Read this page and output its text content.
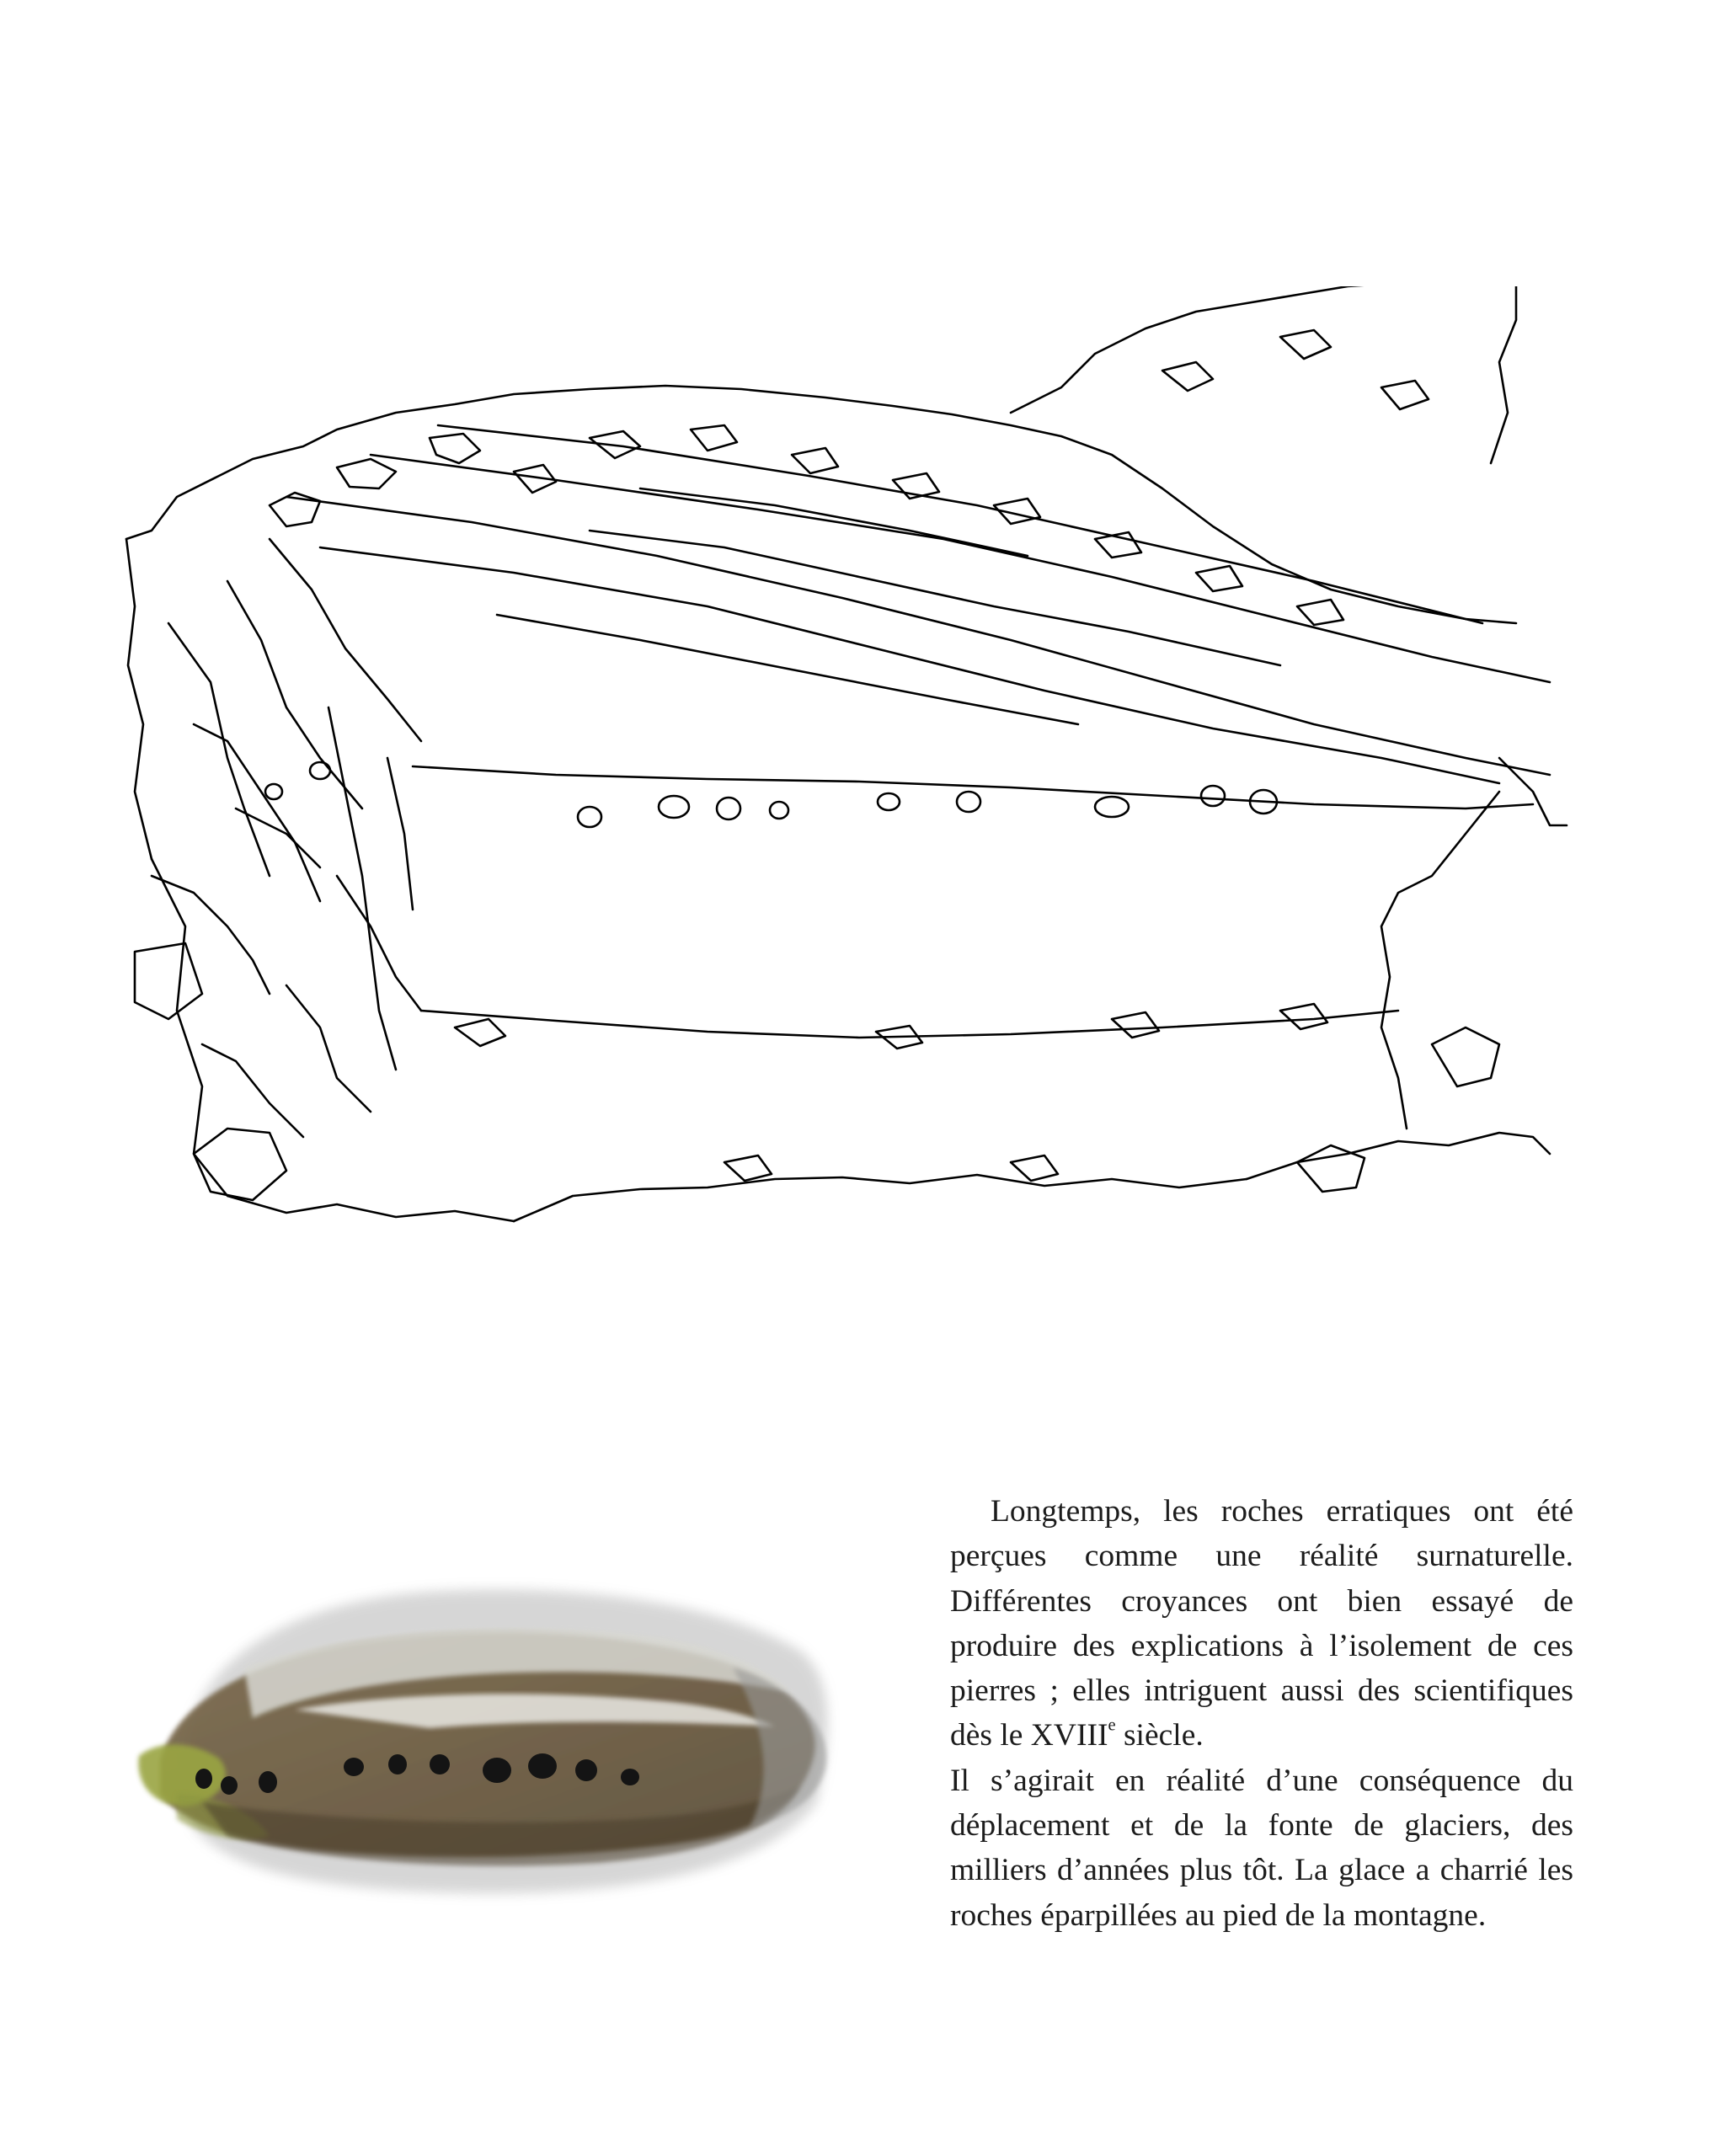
Longtemps, les roches erratiques ont été perçues comme une réalité surnaturelle. Différentes croyances ont bien essayé de produire des explications à l’isolement de ces pierres ; elles intriguent aussi des scientifiques dès le XVIIIe siècle.

Il s’agirait en réalité d’une conséquence du déplacement et de la fonte de glaciers, des milliers d’années plus tôt. La glace a charrié les roches éparpillées au pied de la montagne.
